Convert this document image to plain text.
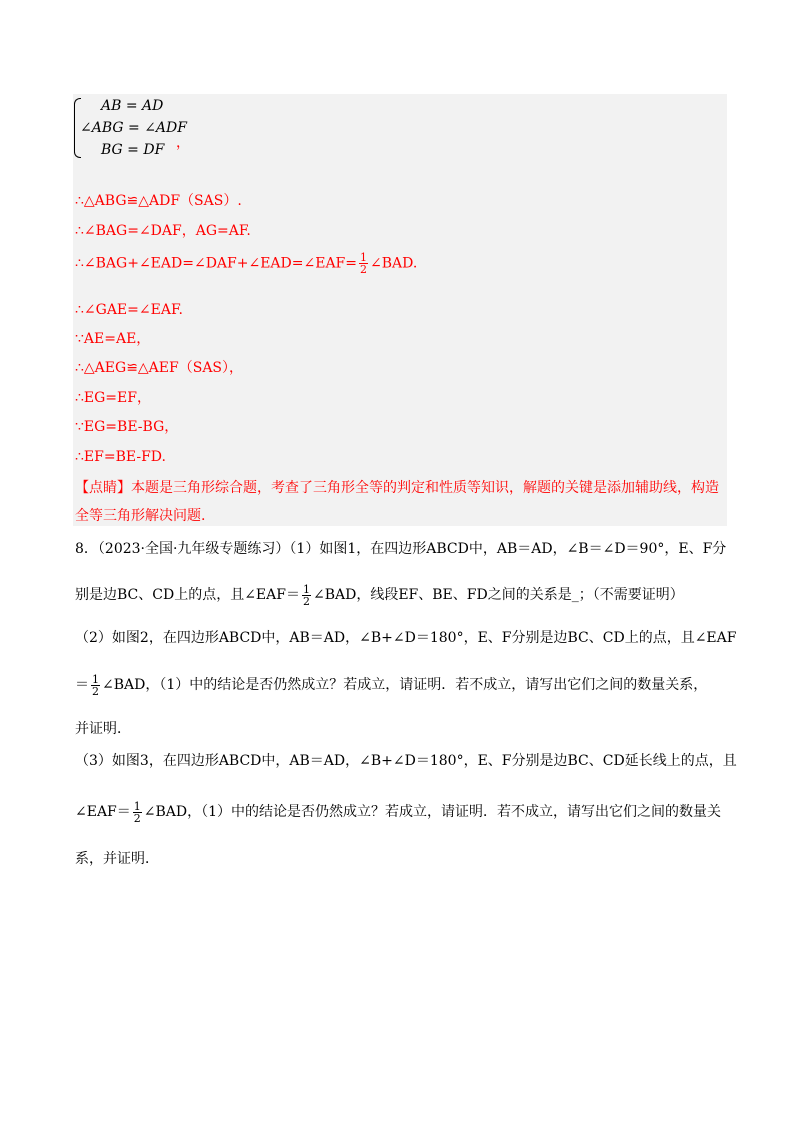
AB = AD
∠ABG = ∠ADF
BG = DF ，
∴△ABG≌△ADF（SAS）.
∴∠BAG=∠DAF，AG=AF.
∴∠BAG+∠EAD=∠DAF+∠EAD=∠EAF= $\frac{1}{2}$ ∠BAD.
∴∠GAE=∠EAF.
∵AE=AE，
∴△AEG≌△AEF（SAS），
∴EG=EF，
∵EG=BE-BG，
∴EF=BE-FD.
【点睛】本题是三角形综合题，考查了三角形全等的判定和性质等知识，解题的关键是添加辅助线，构造
全等三角形解决问题.
8．（2023·全国·九年级专题练习）（1）如图1，在四边形ABCD中，AB＝AD，∠B＝∠D＝90°，E、F分
别是边BC、CD上的点，且∠EAF＝ $\frac{1}{2}$ ∠BAD，线段EF、BE、FD之间的关系是_；（不需要证明）
（2）如图2，在四边形ABCD中，AB＝AD，∠B+∠D＝180°，E、F分别是边BC、CD上的点，且∠EAF
＝ $\frac{1}{2}$ ∠BAD，（1）中的结论是否仍然成立？若成立，请证明．若不成立，请写出它们之间的数量关系，
并证明．
（3）如图3，在四边形ABCD中，AB＝AD，∠B+∠D＝180°，E、F分别是边BC、CD延长线上的点，且
∠EAF＝ $\frac{1}{2}$ ∠BAD，（1）中的结论是否仍然成立？若成立，请证明．若不成立，请写出它们之间的数量关
系，并证明．
